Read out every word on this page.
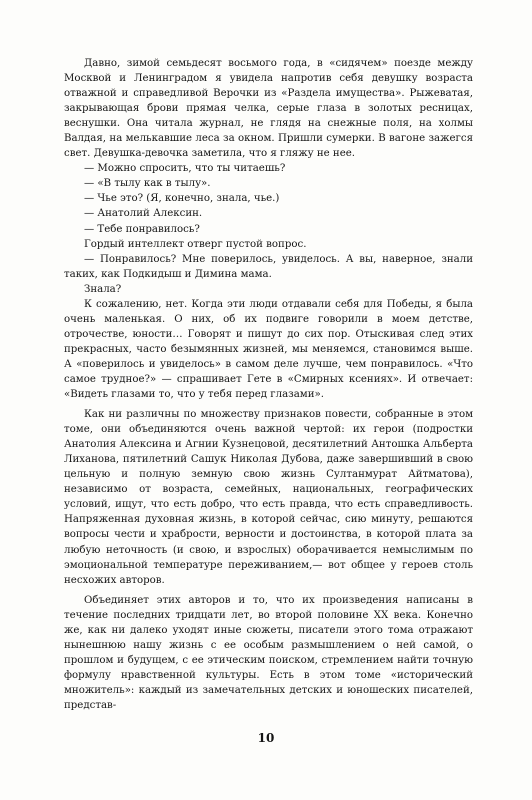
Давно, зимой семьдесят восьмого года, в «сидячем» поезде между Москвой и Ленинградом я увидела напротив себя девушку возраста отважной и справедливой Верочки из «Раздела имущества». Рыжеватая, закрывающая брови прямая челка, серые глаза в золотых ресницах, веснушки. Она читала журнал, не глядя на снежные поля, на холмы Валдая, на мелькавшие леса за окном. Пришли сумерки. В вагоне зажегся свет. Девушка-девочка заметила, что я гляжу не нее.

— Можно спросить, что ты читаешь?

— «В тылу как в тылу».

— Чье это? (Я, конечно, знала, чье.)

— Анатолий Алексин.

— Тебе понравилось?

Гордый интеллект отверг пустой вопрос.

— Понравилось? Мне поверилось, увиделось. А вы, наверное, знали таких, как Подкидыш и Димина мама.

Знала?

К сожалению, нет. Когда эти люди отдавали себя для Победы, я была очень маленькая. О них, об их подвиге говорили в моем детстве, отрочестве, юности… Говорят и пишут до сих пор. Отыскивая след этих прекрасных, часто безымянных жизней, мы меняемся, становимся выше. А «поверилось и увиделось» в самом деле лучше, чем понравилось. «Что самое трудное?» — спрашивает Гете в «Смирных ксениях». И отвечает: «Видеть глазами то, что у тебя перед глазами».

Как ни различны по множеству признаков повести, собранные в этом томе, они объединяются очень важной чертой: их герои (подростки Анатолия Алексина и Агнии Кузнецовой, десятилетний Антошка Альберта Лиханова, пятилетний Сашук Николая Дубова, даже завершивший в свою цельную и полную земную свою жизнь Султанмурат Айтматова), независимо от возраста, семейных, национальных, географических условий, ищут, что есть добро, что есть правда, что есть справедливость. Напряженная духовная жизнь, в которой сейчас, сию минуту, решаются вопросы чести и храбрости, верности и достоинства, в которой плата за любую неточность (и свою, и взрослых) оборачивается немыслимым по эмоциональной температуре переживанием,— вот общее у героев столь несхожих авторов.

Объединяет этих авторов и то, что их произведения написаны в течение последних тридцати лет, во второй половине XX века. Конечно же, как ни далеко уходят иные сюжеты, писатели этого тома отражают нынешнюю нашу жизнь с ее особым размышлением о ней самой, о прошлом и будущем, с ее этическим поиском, стремлением найти точную формулу нравственной культуры. Есть в этом томе «исторический множитель»: каждый из замечательных детских и юношеских писателей, представ-

10
